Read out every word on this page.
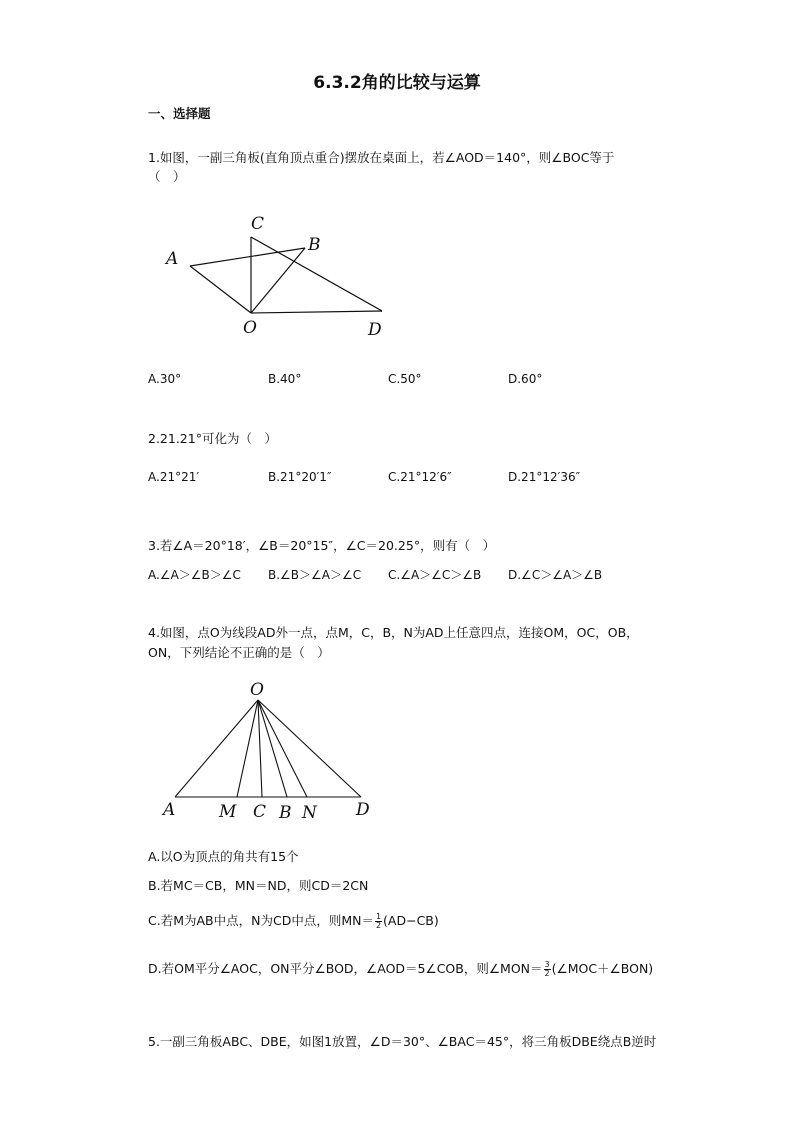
6.3.2角的比较与运算
一、选择题
1.如图，一副三角板(直角顶点重合)摆放在桌面上，若∠AOD＝140°，则∠BOC等于
（　）
C
B
A
O	D
A.30°	B.40°	C.50°	D.60°
2.21.21°可化为（　）
A.21°21′	B.21°20′1″	C.21°12′6″	D.21°12′36″
3.若∠A＝20°18′，∠B＝20°15″，∠C＝20.25°，则有（　）
A.∠A＞∠B＞∠C B.∠B＞∠A＞∠C C.∠A＞∠C＞∠B D.∠C＞∠A＞∠B
4.如图，点O为线段AD外一点，点M，C，B，N为AD上任意四点，连接OM，OC，OB，
ON，下列结论不正确的是（　）
O
A	M C B N D
A.以O为顶点的角共有15个
B.若MC＝CB，MN＝ND，则CD＝2CN
C.若M为AB中点，N为CD中点，则$MN= \frac{1}{2} (AD-CB)$
D.若OM平分∠AOC，ON平分∠BOD，∠AOD＝5∠COB，则∠MON＝ $\frac{3}{2}$ (∠MOC＋∠BON)
5.一副三角板ABC、DBE，如图1放置，∠D＝30°、∠BAC＝45°，将三角板DBE绕点B逆时
